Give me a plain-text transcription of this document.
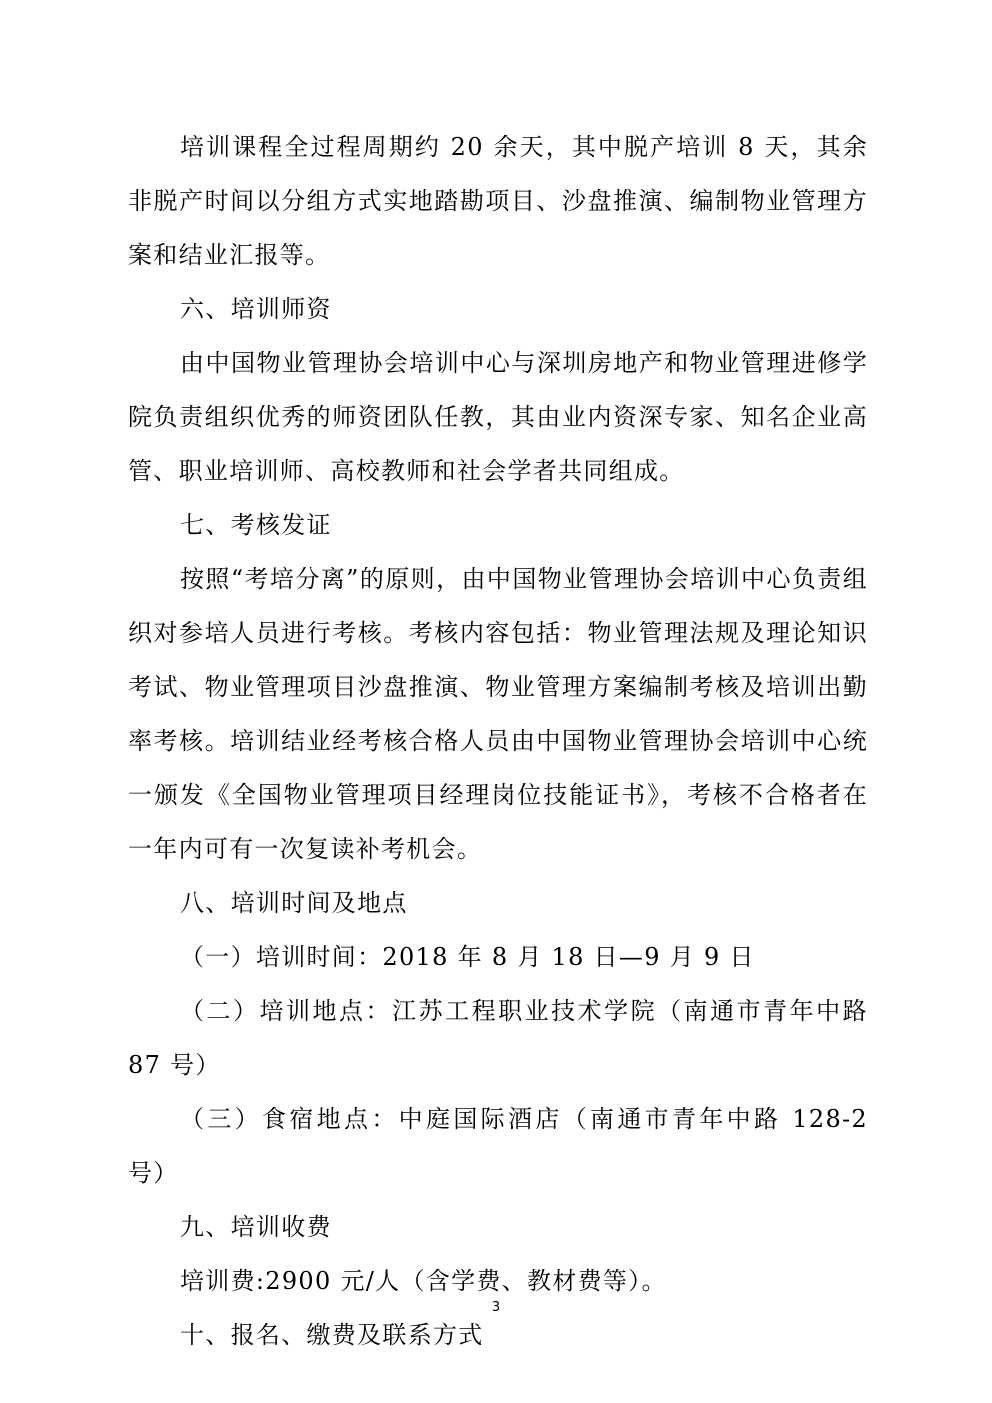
培训课程全过程周期约 20 余天，其中脱产培训 8 天，其余非脱产时间以分组方式实地踏勘项目、沙盘推演、编制物业管理方案和结业汇报等。

六、培训师资

由中国物业管理协会培训中心与深圳房地产和物业管理进修学院负责组织优秀的师资团队任教，其由业内资深专家、知名企业高管、职业培训师、高校教师和社会学者共同组成。

七、考核发证

按照“考培分离”的原则，由中国物业管理协会培训中心负责组织对参培人员进行考核。考核内容包括：物业管理法规及理论知识考试、物业管理项目沙盘推演、物业管理方案编制考核及培训出勤率考核。培训结业经考核合格人员由中国物业管理协会培训中心统一颁发《全国物业管理项目经理岗位技能证书》，考核不合格者在一年内可有一次复读补考机会。

八、培训时间及地点

（一）培训时间：2018 年 8 月 18 日—9 月 9 日

（二）培训地点：江苏工程职业技术学院（南通市青年中路 87 号）

（三）食宿地点：中庭国际酒店（南通市青年中路 128-2 号）

九、培训收费

培训费:2900 元/人（含学费、教材费等）。

十、报名、缴费及联系方式

3
